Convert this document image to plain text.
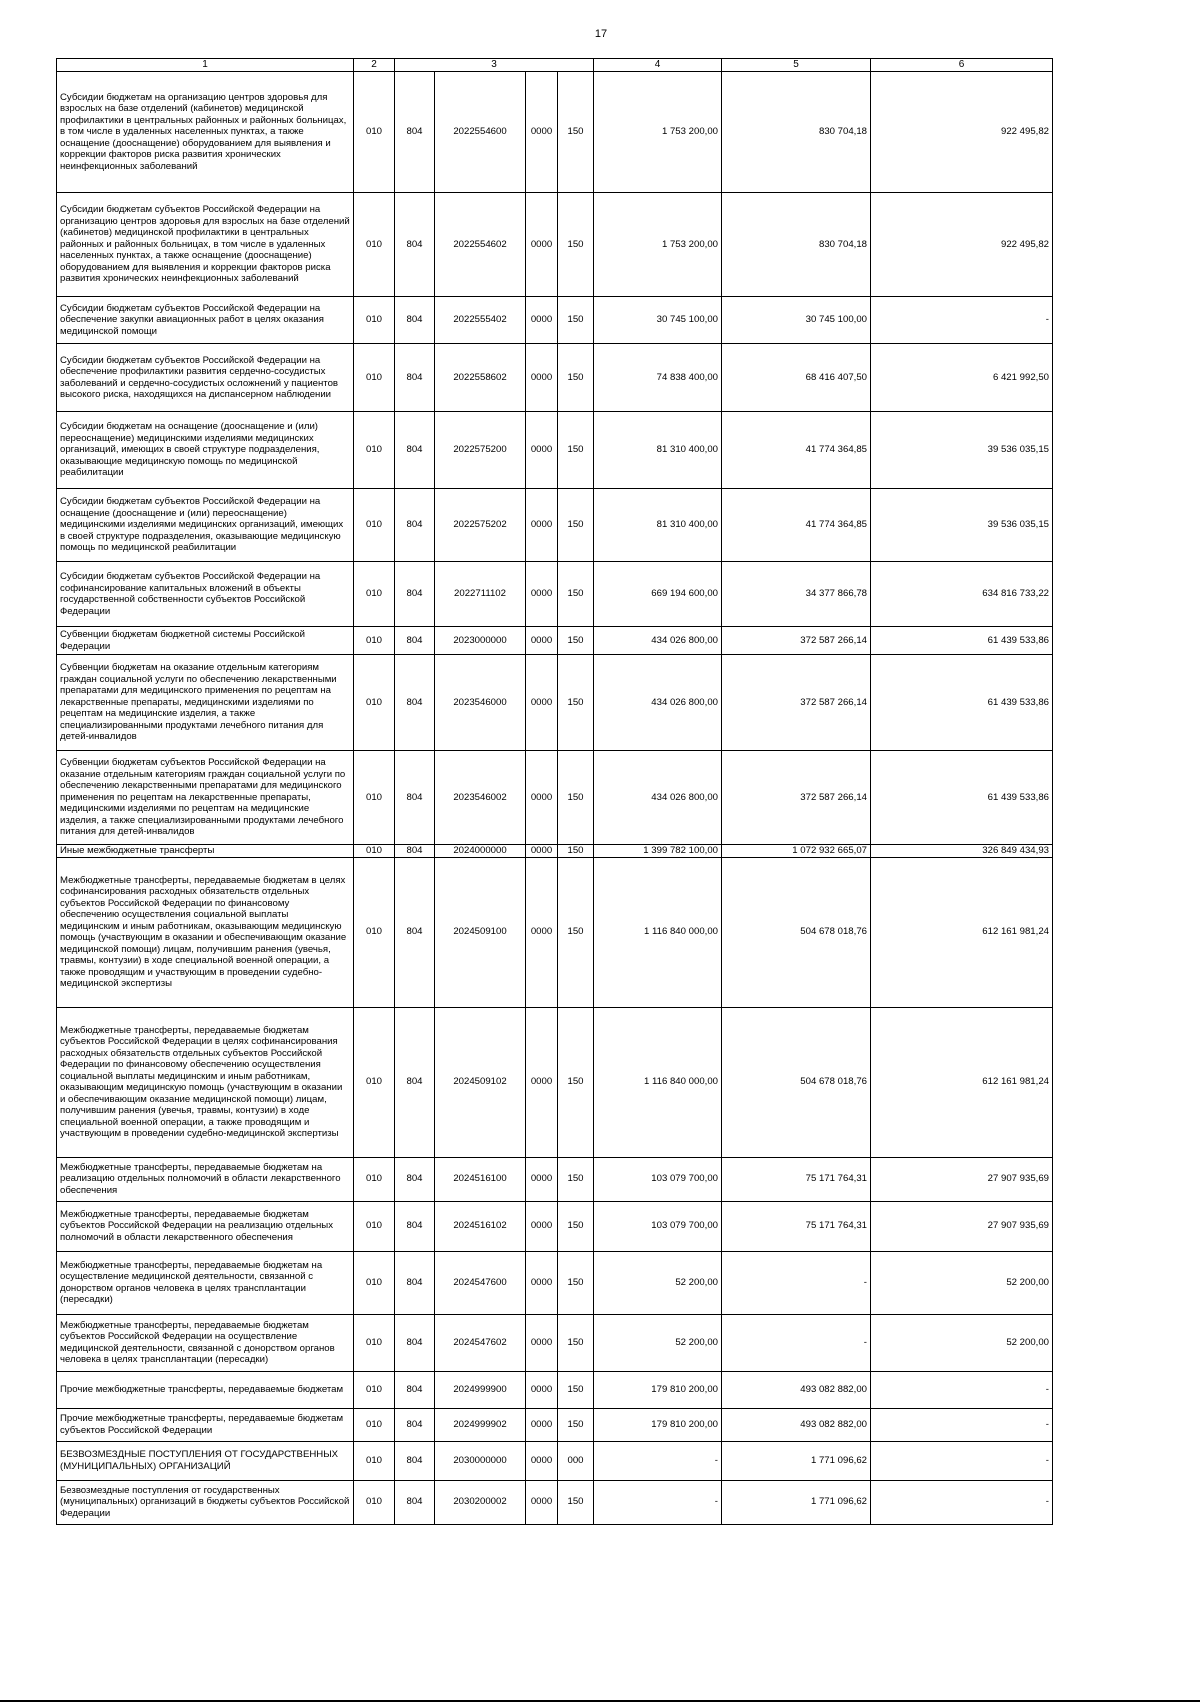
17
1	2	3				4	5	6
Субсидии бюджетам на организацию центров здоровья для взрослых на базе отделений (кабинетов) медицинской профилактики в центральных районных и районных больницах, в том числе в удаленных населенных пунктах, а также оснащение (дооснащение) оборудованием для выявления и коррекции факторов риска развития хронических неинфекционных заболеваний	010	804	2022554600	0000	150	1 753 200,00	830 704,18	922 495,82
Субсидии бюджетам субъектов Российской Федерации на организацию центров здоровья для взрослых на базе отделений (кабинетов) медицинской профилактики в центральных районных и районных больницах, в том числе в удаленных населенных пунктах, а также оснащение (дооснащение) оборудованием для выявления и коррекции факторов риска развития хронических неинфекционных заболеваний	010	804	2022554602	0000	150	1 753 200,00	830 704,18	922 495,82
Субсидии бюджетам субъектов Российской Федерации на обеспечение закупки авиационных работ в целях оказания медицинской помощи	010	804	2022555402	0000	150	30 745 100,00	30 745 100,00	-
Субсидии бюджетам субъектов Российской Федерации на обеспечение профилактики развития сердечно-сосудистых заболеваний и сердечно-сосудистых осложнений у пациентов высокого риска, находящихся на диспансерном наблюдении	010	804	2022558602	0000	150	74 838 400,00	68 416 407,50	6 421 992,50
Субсидии бюджетам на оснащение (дооснащение и (или) переоснащение) медицинскими изделиями медицинских организаций, имеющих в своей структуре подразделения, оказывающие медицинскую помощь по медицинской реабилитации	010	804	2022575200	0000	150	81 310 400,00	41 774 364,85	39 536 035,15
Субсидии бюджетам субъектов Российской Федерации на оснащение (дооснащение и (или) переоснащение) медицинскими изделиями медицинских организаций, имеющих в своей структуре подразделения, оказывающие медицинскую помощь по медицинской реабилитации	010	804	2022575202	0000	150	81 310 400,00	41 774 364,85	39 536 035,15
Субсидии бюджетам субъектов Российской Федерации на софинансирование капитальных вложений в объекты государственной собственности субъектов Российской Федерации	010	804	2022711102	0000	150	669 194 600,00	34 377 866,78	634 816 733,22
Субвенции бюджетам бюджетной системы Российской Федерации	010	804	2023000000	0000	150	434 026 800,00	372 587 266,14	61 439 533,86
Субвенции бюджетам на оказание отдельным категориям граждан социальной услуги по обеспечению лекарственными препаратами для медицинского применения по рецептам на лекарственные препараты, медицинскими изделиями по рецептам на медицинские изделия, а также специализированными продуктами лечебного питания для детей-инвалидов	010	804	2023546000	0000	150	434 026 800,00	372 587 266,14	61 439 533,86
Субвенции бюджетам субъектов Российской Федерации на оказание отдельным категориям граждан социальной услуги по обеспечению лекарственными препаратами для медицинского применения по рецептам на лекарственные препараты, медицинскими изделиями по рецептам на медицинские изделия, а также специализированными продуктами лечебного питания для детей-инвалидов	010	804	2023546002	0000	150	434 026 800,00	372 587 266,14	61 439 533,86
Иные межбюджетные трансферты	010	804	2024000000	0000	150	1 399 782 100,00	1 072 932 665,07	326 849 434,93
Межбюджетные трансферты, передаваемые бюджетам в целях софинансирования расходных обязательств отдельных субъектов Российской Федерации по финансовому обеспечению осуществления социальной выплаты медицинским и иным работникам, оказывающим медицинскую помощь (участвующим в оказании и обеспечивающим оказание медицинской помощи) лицам, получившим ранения (увечья, травмы, контузии) в ходе специальной военной операции, а также проводящим и участвующим в проведении судебно-медицинской экспертизы	010	804	2024509100	0000	150	1 116 840 000,00	504 678 018,76	612 161 981,24
Межбюджетные трансферты, передаваемые бюджетам субъектов Российской Федерации в целях софинансирования расходных обязательств отдельных субъектов Российской Федерации по финансовому обеспечению осуществления социальной выплаты медицинским и иным работникам, оказывающим медицинскую помощь (участвующим в оказании и обеспечивающим оказание медицинской помощи) лицам, получившим ранения (увечья, травмы, контузии) в ходе специальной военной операции, а также проводящим и участвующим в проведении судебно-медицинской экспертизы	010	804	2024509102	0000	150	1 116 840 000,00	504 678 018,76	612 161 981,24
Межбюджетные трансферты, передаваемые бюджетам на реализацию отдельных полномочий в области лекарственного обеспечения	010	804	2024516100	0000	150	103 079 700,00	75 171 764,31	27 907 935,69
Межбюджетные трансферты, передаваемые бюджетам субъектов Российской Федерации на реализацию отдельных полномочий в области лекарственного обеспечения	010	804	2024516102	0000	150	103 079 700,00	75 171 764,31	27 907 935,69
Межбюджетные трансферты, передаваемые бюджетам на осуществление медицинской деятельности, связанной с донорством органов человека в целях трансплантации (пересадки)	010	804	2024547600	0000	150	52 200,00	-	52 200,00
Межбюджетные трансферты, передаваемые бюджетам субъектов Российской Федерации на осуществление медицинской деятельности, связанной с донорством органов человека в целях трансплантации (пересадки)	010	804	2024547602	0000	150	52 200,00	-	52 200,00
Прочие межбюджетные трансферты, передаваемые бюджетам	010	804	2024999900	0000	150	179 810 200,00	493 082 882,00	-
Прочие межбюджетные трансферты, передаваемые бюджетам субъектов Российской Федерации	010	804	2024999902	0000	150	179 810 200,00	493 082 882,00	-
БЕЗВОЗМЕЗДНЫЕ ПОСТУПЛЕНИЯ ОТ ГОСУДАРСТВЕННЫХ (МУНИЦИПАЛЬНЫХ) ОРГАНИЗАЦИЙ	010	804	2030000000	0000	000	-	1 771 096,62	-
Безвозмездные поступления от государственных (муниципальных) организаций в бюджеты субъектов Российской Федерации	010	804	2030200002	0000	150	-	1 771 096,62	-
